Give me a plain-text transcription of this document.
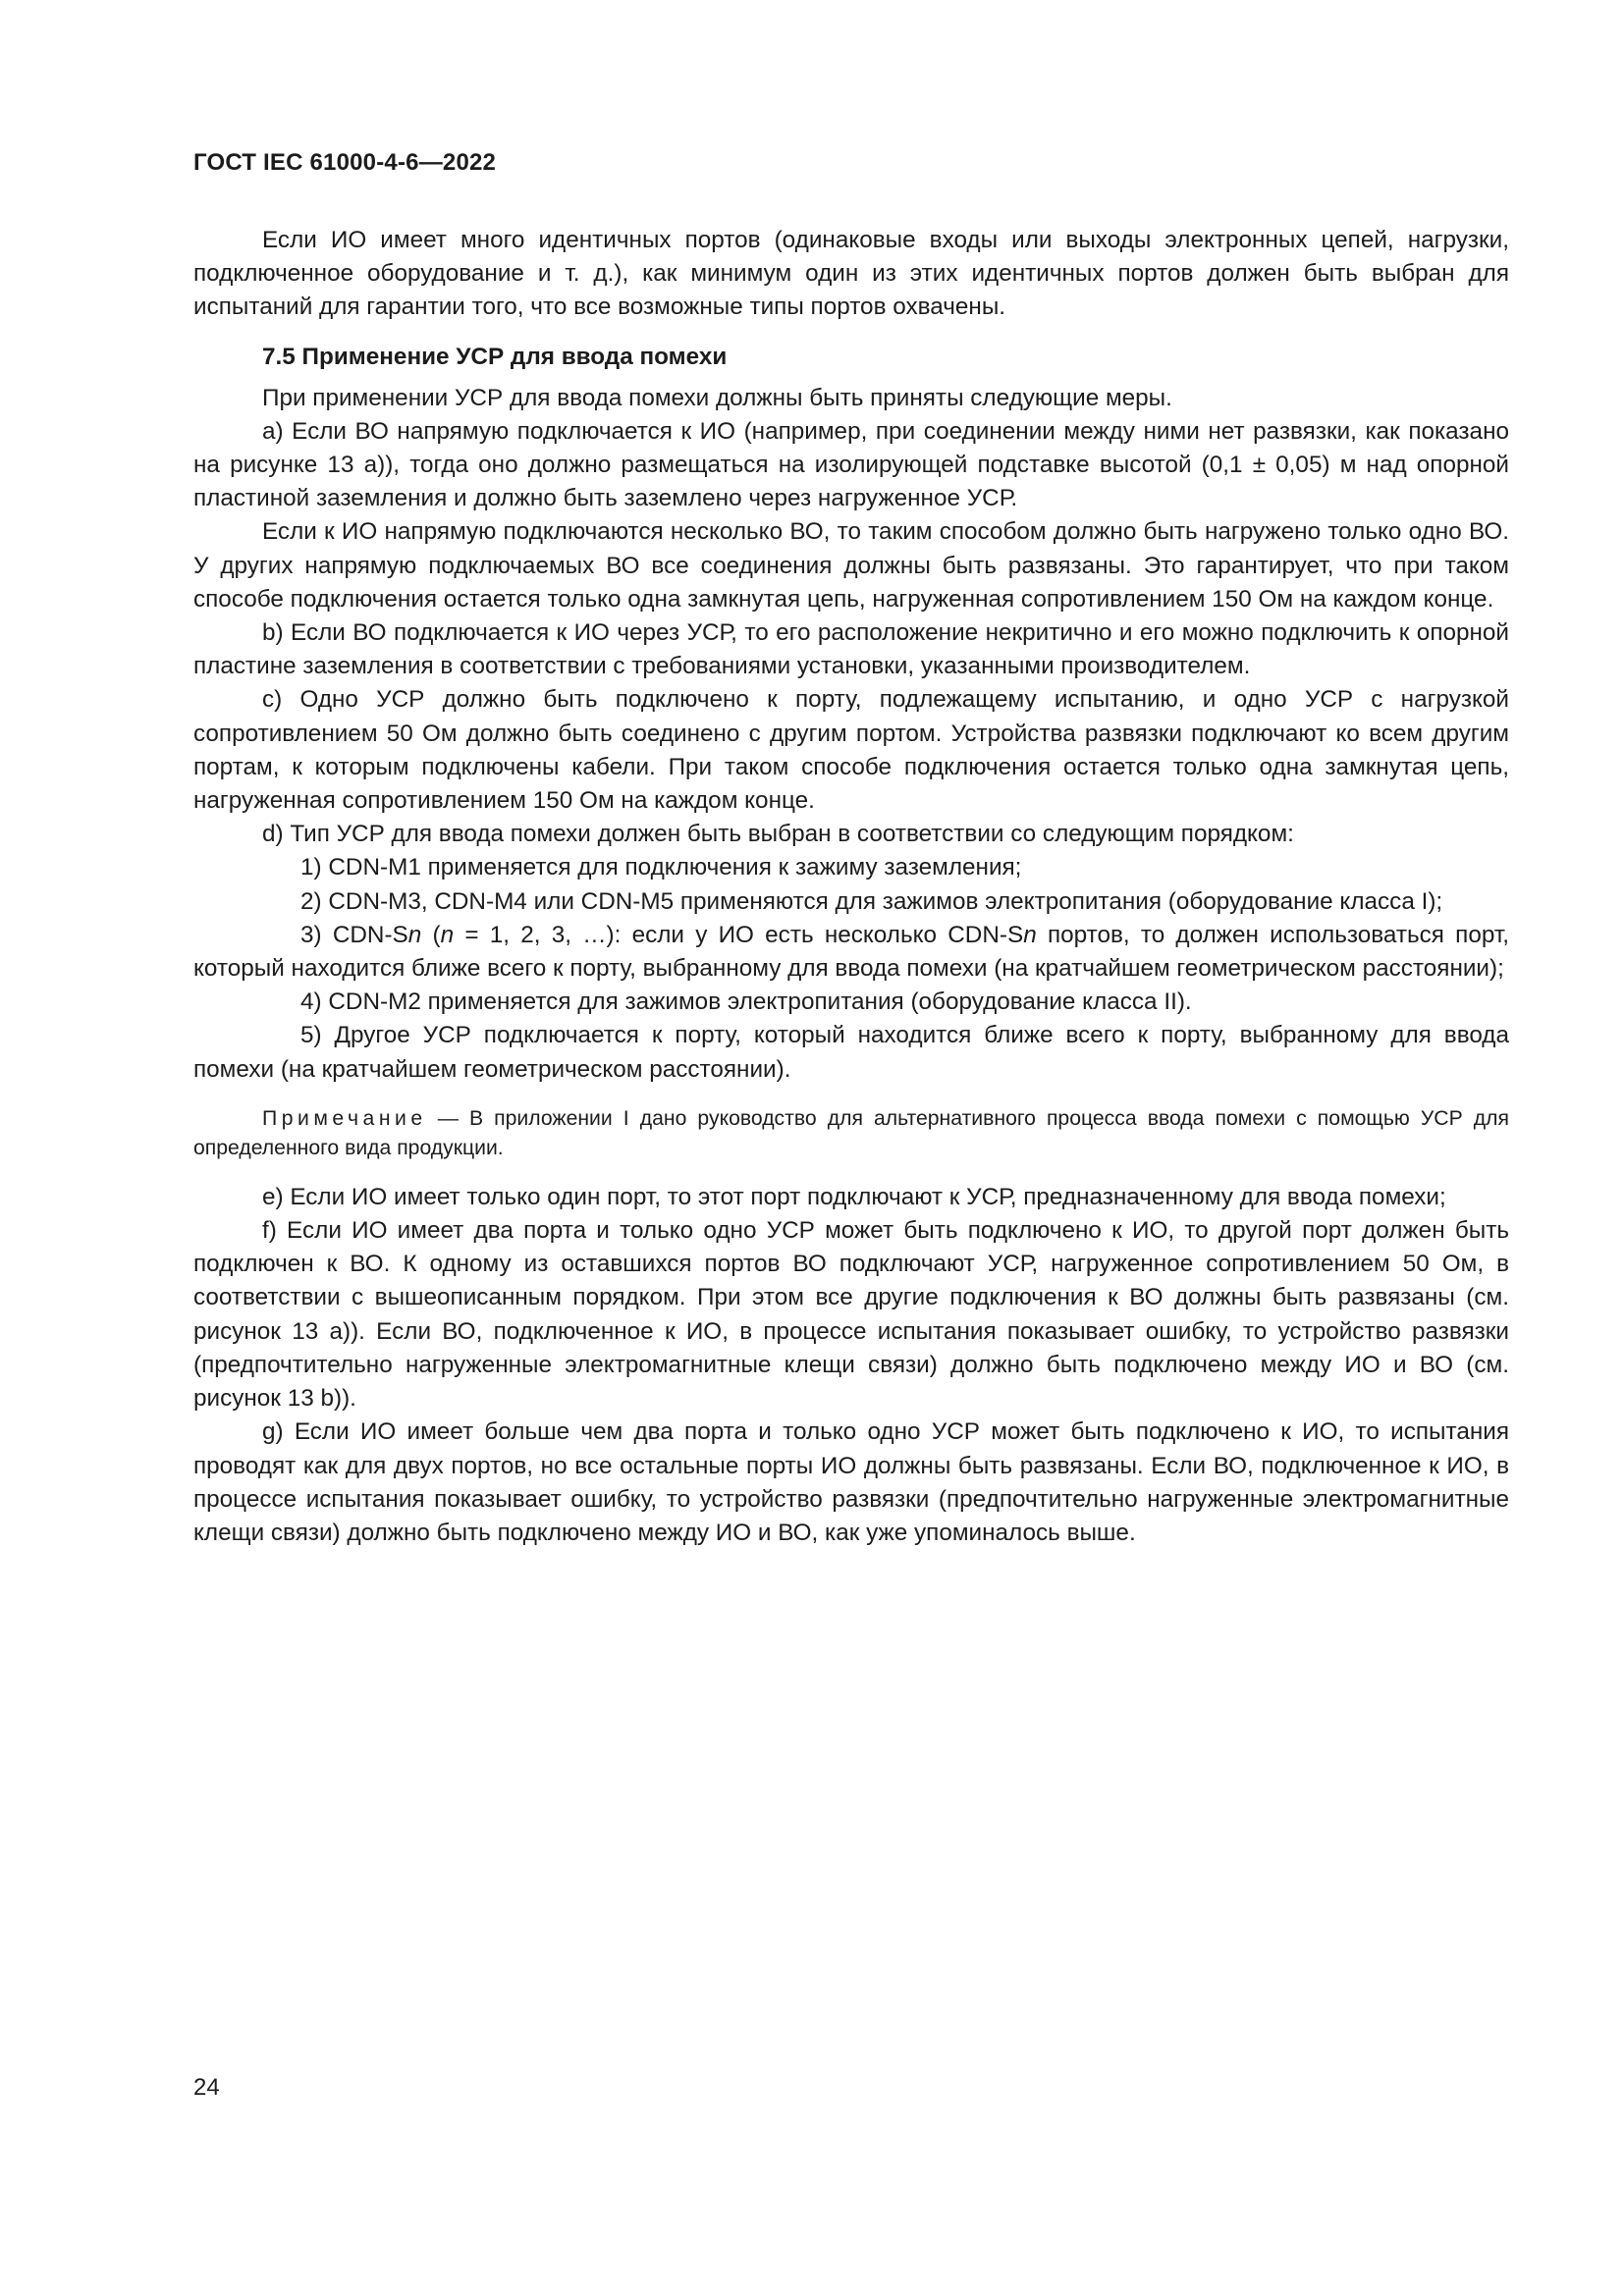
ГОСТ IEC 61000-4-6—2022

Если ИО имеет много идентичных портов (одинаковые входы или выходы электронных цепей, нагрузки, подключенное оборудование и т. д.), как минимум один из этих идентичных портов должен быть выбран для испытаний для гарантии того, что все возможные типы портов охвачены.

7.5 Применение УСР для ввода помехи

При применении УСР для ввода помехи должны быть приняты следующие меры.

a) Если ВО напрямую подключается к ИО (например, при соединении между ними нет развязки, как показано на рисунке 13 а)), тогда оно должно размещаться на изолирующей подставке высотой (0,1 ± 0,05) м над опорной пластиной заземления и должно быть заземлено через нагруженное УСР.

Если к ИО напрямую подключаются несколько ВО, то таким способом должно быть нагружено только одно ВО. У других напрямую подключаемых ВО все соединения должны быть развязаны. Это гарантирует, что при таком способе подключения остается только одна замкнутая цепь, нагруженная сопротивлением 150 Ом на каждом конце.

b) Если ВО подключается к ИО через УСР, то его расположение некритично и его можно подключить к опорной пластине заземления в соответствии с требованиями установки, указанными производителем.

c) Одно УСР должно быть подключено к порту, подлежащему испытанию, и одно УСР с нагрузкой сопротивлением 50 Ом должно быть соединено с другим портом. Устройства развязки подключают ко всем другим портам, к которым подключены кабели. При таком способе подключения остается только одна замкнутая цепь, нагруженная сопротивлением 150 Ом на каждом конце.

d) Тип УСР для ввода помехи должен быть выбран в соответствии со следующим порядком:

1) CDN-M1 применяется для подключения к зажиму заземления;

2) CDN-M3, CDN-M4 или CDN-M5 применяются для зажимов электропитания (оборудование класса I);

3) CDN-Sn (n = 1, 2, 3, …): если у ИО есть несколько CDN-Sn портов, то должен использоваться порт, который находится ближе всего к порту, выбранному для ввода помехи (на кратчайшем геометрическом расстоянии);

4) CDN-M2 применяется для зажимов электропитания (оборудование класса II).

5) Другое УСР подключается к порту, который находится ближе всего к порту, выбранному для ввода помехи (на кратчайшем геометрическом расстоянии).

Примечание — В приложении I дано руководство для альтернативного процесса ввода помехи с помощью УСР для определенного вида продукции.

e) Если ИО имеет только один порт, то этот порт подключают к УСР, предназначенному для ввода помехи;

f) Если ИО имеет два порта и только одно УСР может быть подключено к ИО, то другой порт должен быть подключен к ВО. К одному из оставшихся портов ВО подключают УСР, нагруженное сопротивлением 50 Ом, в соответствии с вышеописанным порядком. При этом все другие подключения к ВО должны быть развязаны (см. рисунок 13 а)). Если ВО, подключенное к ИО, в процессе испытания показывает ошибку, то устройство развязки (предпочтительно нагруженные электромагнитные клещи связи) должно быть подключено между ИО и ВО (см. рисунок 13 b)).

g) Если ИО имеет больше чем два порта и только одно УСР может быть подключено к ИО, то испытания проводят как для двух портов, но все остальные порты ИО должны быть развязаны. Если ВО, подключенное к ИО, в процессе испытания показывает ошибку, то устройство развязки (предпочтительно нагруженные электромагнитные клещи связи) должно быть подключено между ИО и ВО, как уже упоминалось выше.

24
